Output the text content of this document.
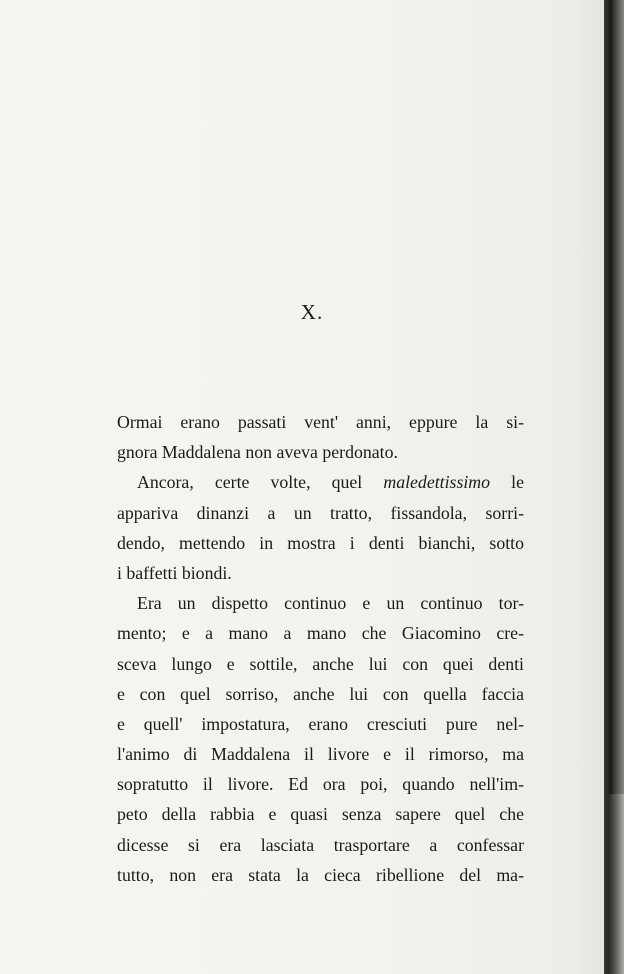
X.
Ormai erano passati vent' anni, eppure la si-
gnora Maddalena non aveva perdonato.
Ancora, certe volte, quel maledettissimo le
appariva dinanzi a un tratto, fissandola, sorri-
dendo, mettendo in mostra i denti bianchi, sotto
i baffetti biondi.
Era un dispetto continuo e un continuo tor-
mento; e a mano a mano che Giacomino cre-
sceva lungo e sottile, anche lui con quei denti
e con quel sorriso, anche lui con quella faccia
e quell' impostatura, erano cresciuti pure nel-
l'animo di Maddalena il livore e il rimorso, ma
sopratutto il livore. Ed ora poi, quando nell'im-
peto della rabbia e quasi senza sapere quel che
dicesse si era lasciata trasportare a confessar
tutto, non era stata la cieca ribellione del ma-
